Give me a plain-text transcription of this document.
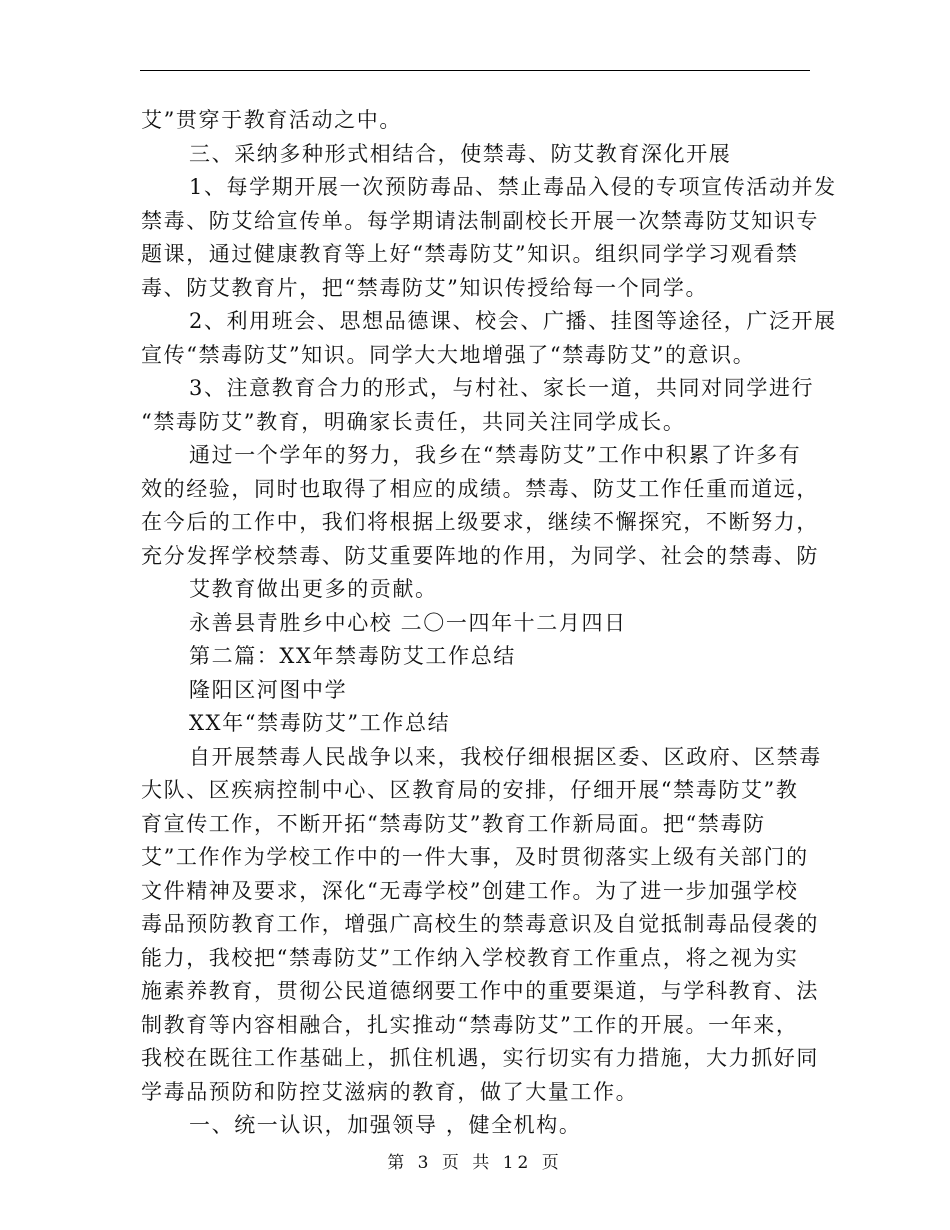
艾”贯穿于教育活动之中。
三、采纳多种形式相结合，使禁毒、防艾教育深化开展
1、每学期开展一次预防毒品、禁止毒品入侵的专项宣传活动并发
禁毒、防艾给宣传单。每学期请法制副校长开展一次禁毒防艾知识专
题课，通过健康教育等上好“禁毒防艾”知识。组织同学学习观看禁
毒、防艾教育片，把“禁毒防艾”知识传授给每一个同学。
2、利用班会、思想品德课、校会、广播、挂图等途径，广泛开展
宣传“禁毒防艾”知识。同学大大地增强了“禁毒防艾”的意识。
3、注意教育合力的形式，与村社、家长一道，共同对同学进行
“禁毒防艾”教育，明确家长责任，共同关注同学成长。
通过一个学年的努力，我乡在“禁毒防艾”工作中积累了许多有
效的经验，同时也取得了相应的成绩。禁毒、防艾工作任重而道远，
在今后的工作中，我们将根据上级要求，继续不懈探究，不断努力，
充分发挥学校禁毒、防艾重要阵地的作用，为同学、社会的禁毒、防
艾教育做出更多的贡献。
永善县青胜乡中心校 二〇一四年十二月四日
第二篇：XX年禁毒防艾工作总结
隆阳区河图中学
XX年“禁毒防艾”工作总结
自开展禁毒人民战争以来，我校仔细根据区委、区政府、区禁毒
大队、区疾病控制中心、区教育局的安排，仔细开展“禁毒防艾”教
育宣传工作，不断开拓“禁毒防艾”教育工作新局面。把“禁毒防
艾”工作作为学校工作中的一件大事，及时贯彻落实上级有关部门的
文件精神及要求，深化“无毒学校”创建工作。为了进一步加强学校
毒品预防教育工作，增强广高校生的禁毒意识及自觉抵制毒品侵袭的
能力，我校把“禁毒防艾”工作纳入学校教育工作重点，将之视为实
施素养教育，贯彻公民道德纲要工作中的重要渠道，与学科教育、法
制教育等内容相融合，扎实推动“禁毒防艾”工作的开展。一年来，
我校在既往工作基础上，抓住机遇，实行切实有力措施，大力抓好同
学毒品预防和防控艾滋病的教育，做了大量工作。
一、统一认识，加强领导 ，健全机构。
第 3 页 共 12 页
